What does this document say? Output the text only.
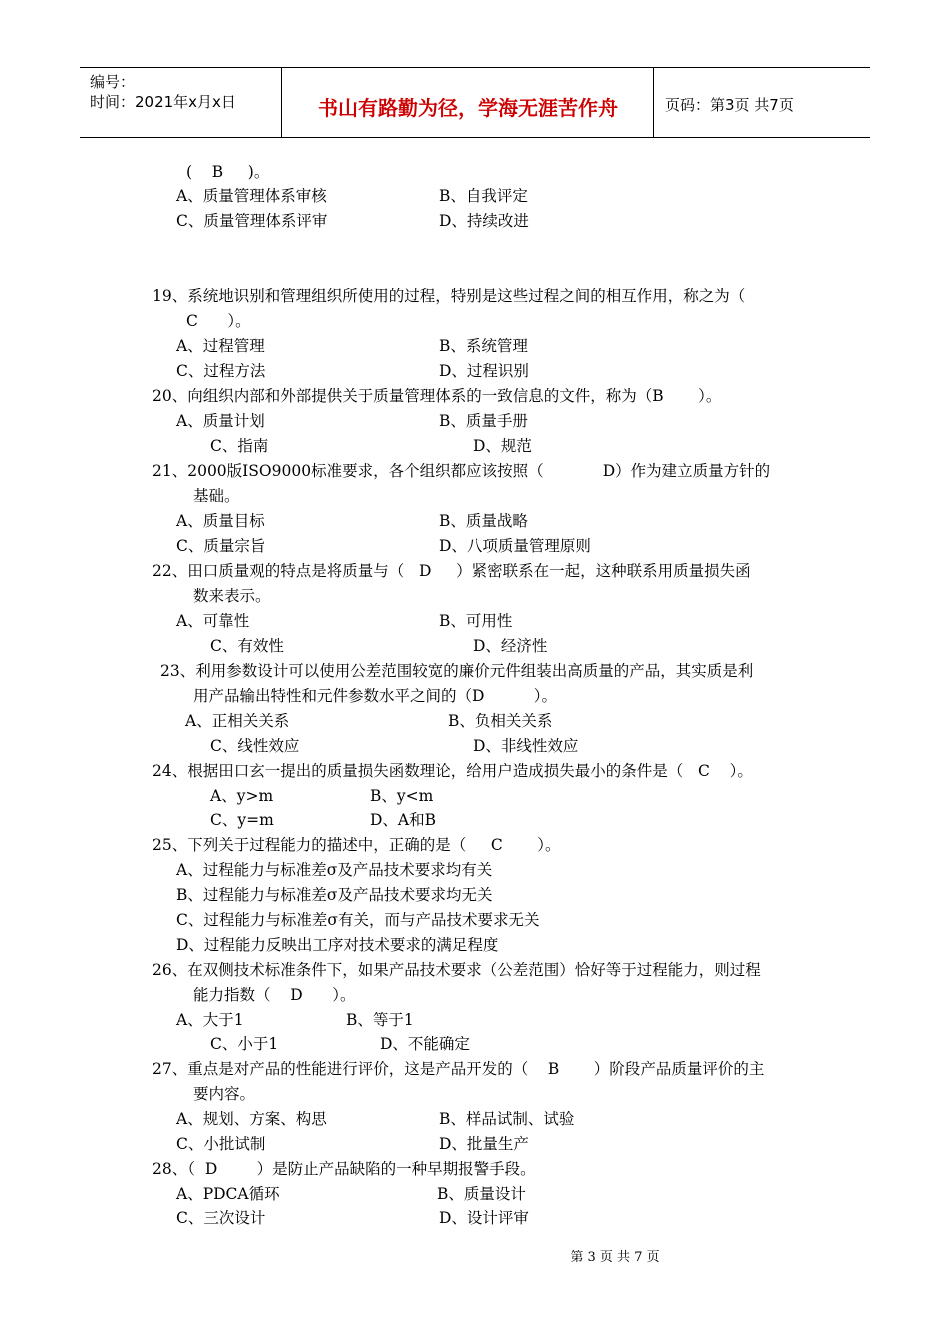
编号：
时间：2021年x月x日	书山有路勤为径，学海无涯苦作舟	页码：第3页 共7页
(    B     )。
A、质量管理体系审核	B、自我评定
C、质量管理体系评审	D、持续改进
19、系统地识别和管理组织所使用的过程，特别是这些过程之间的相互作用，称之为（
C      ）。
A、过程管理	B、系统管理
C、过程方法	D、过程识别
20、向组织内部和外部提供关于质量管理体系的一致信息的文件，称为（B       ）。
A、质量计划	B、质量手册
C、指南	D、规范
21、2000版ISO9000标准要求，各个组织都应该按照（            D）作为建立质量方针的
基础。
A、质量目标	B、质量战略
C、质量宗旨	D、八项质量管理原则
22、田口质量观的特点是将质量与（   D     ）紧密联系在一起，这种联系用质量损失函
数来表示。
A、可靠性	B、可用性
C、有效性	D、经济性
23、利用参数设计可以使用公差范围较宽的廉价元件组装出高质量的产品，其实质是利
用产品输出特性和元件参数水平之间的（D          ）。
A、正相关关系	B、负相关关系
C、线性效应	D、非线性效应
24、根据田口玄一提出的质量损失函数理论，给用户造成损失最小的条件是（   C    ）。
A、y>m	B、y<m
C、y=m	D、A和B
25、下列关于过程能力的描述中，正确的是（     C       ）。
A、过程能力与标准差σ及产品技术要求均有关
B、过程能力与标准差σ及产品技术要求均无关
C、过程能力与标准差σ有关，而与产品技术要求无关
D、过程能力反映出工序对技术要求的满足程度
26、在双侧技术标准条件下，如果产品技术要求（公差范围）恰好等于过程能力，则过程
能力指数（    D      ）。
A、大于1	B、等于1
C、小于1	D、不能确定
27、重点是对产品的性能进行评价，这是产品开发的（    B       ）阶段产品质量评价的主
要内容。
A、规划、方案、构思	B、样品试制、试验
C、小批试制	D、批量生产
28、（  D        ）是防止产品缺陷的一种早期报警手段。
A、PDCA循环	B、质量设计
C、三次设计	D、设计评审
第 3 页 共 7 页
